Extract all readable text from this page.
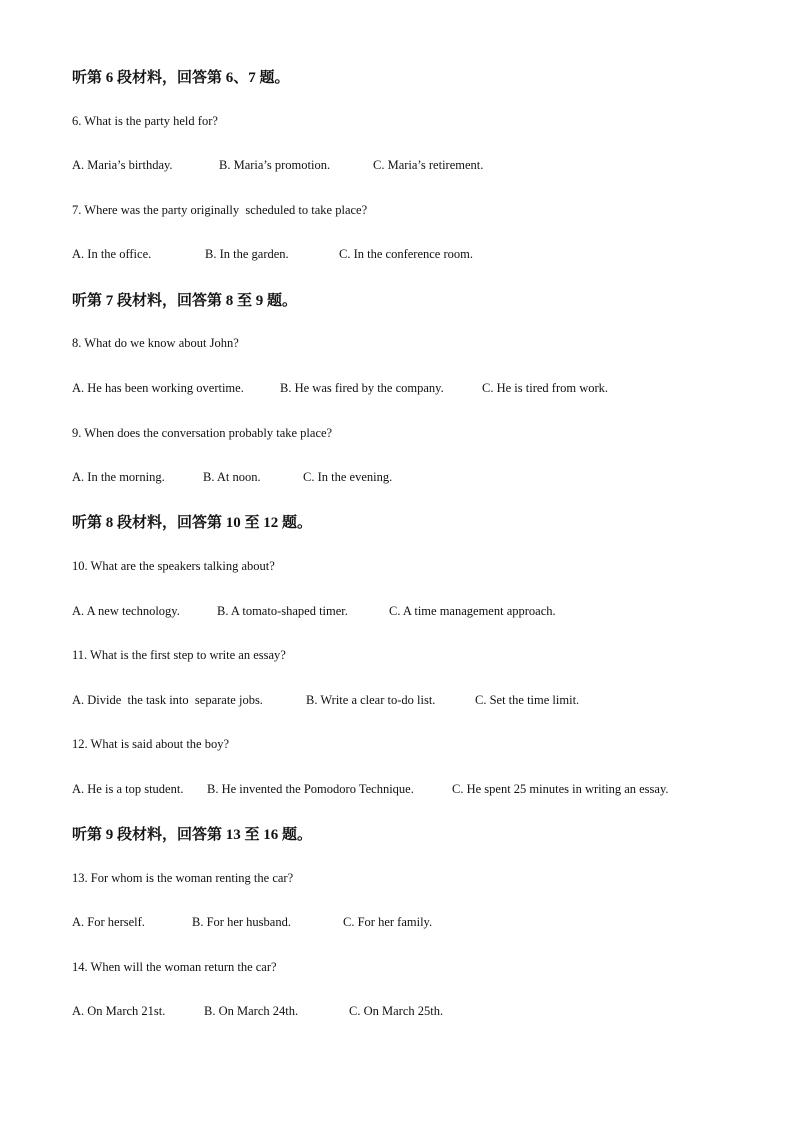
听第 6 段材料，回答第 6、7 题。
6. What is the party held for?

A. Maria’s birthday.

	B. Maria’s promotion.

	C. Maria’s retirement.

7. Where was the party originally  scheduled to take place?

A. In the office.

	B. In the garden.

	C. In the conference room.

听第 7 段材料，回答第 8 至 9 题。
8. What do we know about John?

A. He has been working overtime.

	B. He was fired by the company.

	C. He is tired from work.

9. When does the conversation probably take place?

A. In the morning.

	B. At noon.

	C. In the evening.

听第 8 段材料，回答第 10 至 12 题。
10. What are the speakers talking about?

A. A new technology.

	B. A tomato-shaped timer.

	C. A time management approach.

11. What is the first step to write an essay?

A. Divide  the task into  separate jobs.

	B. Write a clear to-do list.

	C. Set the time limit.

12. What is said about the boy?

A. He is a top student.

B. He invented the Pomodoro Technique.

	C. He spent 25 minutes in writing an essay.

听第 9 段材料，回答第 13 至 16 题。
13. For whom is the woman renting the car?

A. For herself.

	B. For her husband.

	C. For her family.

14. When will the woman return the car?

A. On March 21st.

	B. On March 24th.

	C. On March 25th.
